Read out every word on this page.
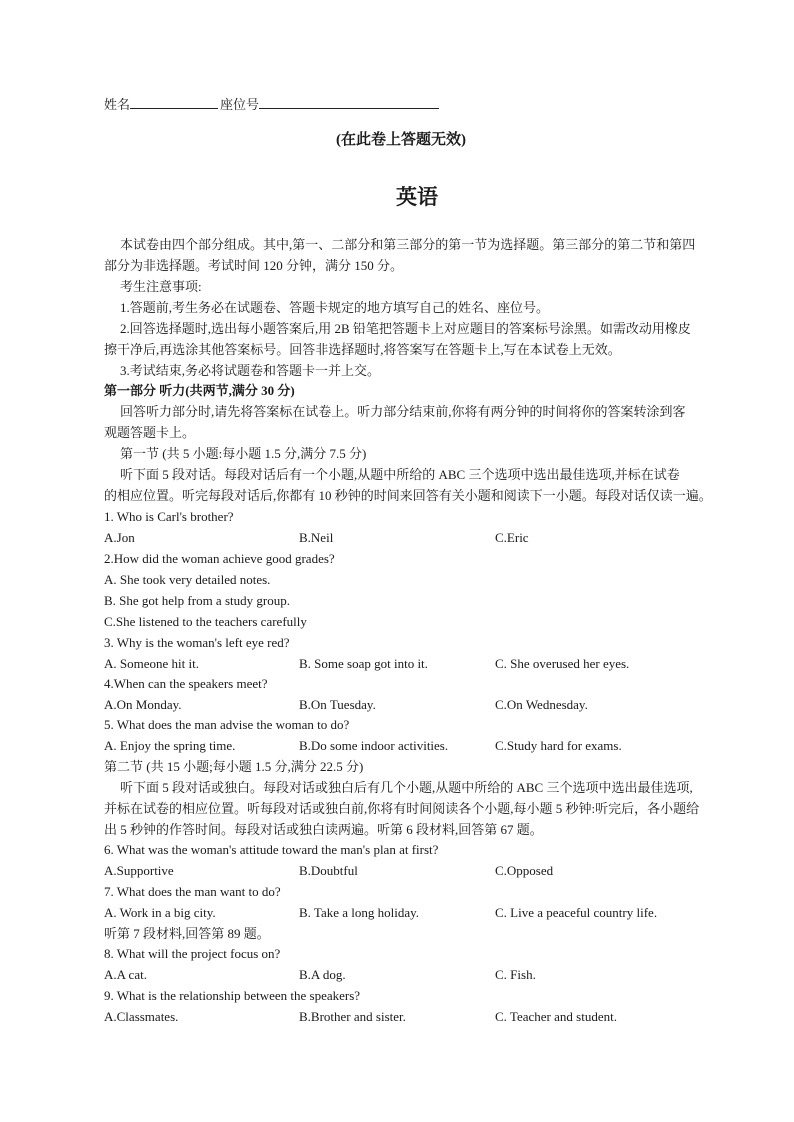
姓名	座位号
(在此卷上答题无效)
英语
本试卷由四个部分组成。其中,第一、二部分和第三部分的第一节为选择题。第三部分的第二节和第四
部分为非选择题。考试时间 120 分钟，满分 150 分。
考生注意事项:
1.答题前,考生务必在试题卷、答题卡规定的地方填写自己的姓名、座位号。
2.回答选择题时,选出每小题答案后,用 2B 铅笔把答题卡上对应题目的答案标号涂黑。如需改动用橡皮
擦干净后,再选涂其他答案标号。回答非选择题时,将答案写在答题卡上,写在本试卷上无效。
3.考试结束,务必将试题卷和答题卡一并上交。
第一部分 听力(共两节,满分 30 分)
回答听力部分时,请先将答案标在试卷上。听力部分结束前,你将有两分钟的时间将你的答案转涂到客
观题答题卡上。
第一节 (共 5 小题:每小题 1.5 分,满分 7.5 分)
听下面 5 段对话。每段对话后有一个小题,从题中所给的 ABC 三个选项中选出最佳选项,并标在试卷
的相应位置。听完每段对话后,你都有 10 秒钟的时间来回答有关小题和阅读下一小题。每段对话仅读一遍。
1. Who is Carl's brother?
A.Jon	B.Neil	C.Eric
2.How did the woman achieve good grades?
A. She took very detailed notes.
B. She got help from a study group.
C.She listened to the teachers carefully
3. Why is the woman's left eye red?
A. Someone hit it.	B. Some soap got into it.	C. She overused her eyes.
4.When can the speakers meet?
A.On Monday.	B.On Tuesday.	C.On Wednesday.
5. What does the man advise the woman to do?
A. Enjoy the spring time.	B.Do some indoor activities.	C.Study hard for exams.
第二节 (共 15 小题;每小题 1.5 分,满分 22.5 分)
听下面 5 段对话或独白。每段对话或独白后有几个小题,从题中所给的 ABC 三个选项中选出最佳选项,
并标在试卷的相应位置。听每段对话或独白前,你将有时间阅读各个小题,每小题 5 秒钟:听完后，各小题给
出 5 秒钟的作答时间。每段对话或独白读两遍。听第 6 段材料,回答第 67 题。
6. What was the woman's attitude toward the man's plan at first?
A.Supportive	B.Doubtful	C.Opposed
7. What does the man want to do?
A. Work in a big city.	B. Take a long holiday.	C. Live a peaceful country life.
听第 7 段材料,回答第 89 题。
8. What will the project focus on?
A.A cat.	B.A dog.	C. Fish.
9. What is the relationship between the speakers?
A.Classmates.	B.Brother and sister.	C. Teacher and student.
